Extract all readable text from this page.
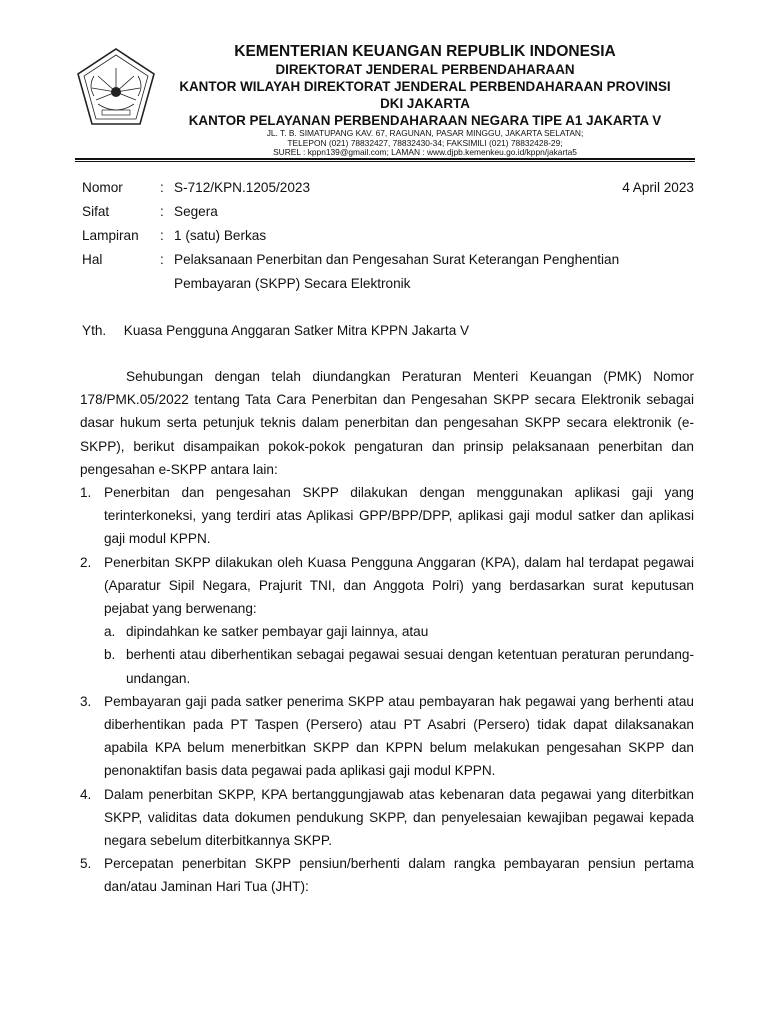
KEMENTERIAN KEUANGAN REPUBLIK INDONESIA
DIREKTORAT JENDERAL PERBENDAHARAAN
KANTOR WILAYAH DIREKTORAT JENDERAL PERBENDAHARAAN PROVINSI
DKI JAKARTA
KANTOR PELAYANAN PERBENDAHARAAN NEGARA TIPE A1 JAKARTA V
JL. T. B. SIMATUPANG KAV. 67, RAGUNAN, PASAR MINGGU, JAKARTA SELATAN;
TELEPON (021) 78832427, 78832430-34; FAKSIMILI (021) 78832428-29;
SUREL : kppn139@gmail.com; LAMAN : www.djpb.kemenkeu.go.id/kppn/jakarta5
Nomor	: S-712/KPN.1205/2023	4 April 2023
Sifat	: Segera
Lampiran : 1 (satu) Berkas
Hal	: Pelaksanaan Penerbitan dan Pengesahan Surat Keterangan Penghentian Pembayaran (SKPP) Secara Elektronik
Yth. Kuasa Pengguna Anggaran Satker Mitra KPPN Jakarta V

Sehubungan dengan telah diundangkan Peraturan Menteri Keuangan (PMK) Nomor 178/PMK.05/2022 tentang Tata Cara Penerbitan dan Pengesahan SKPP secara Elektronik sebagai dasar hukum serta petunjuk teknis dalam penerbitan dan pengesahan SKPP secara elektronik (e-SKPP), berikut disampaikan pokok-pokok pengaturan dan prinsip pelaksanaan penerbitan dan pengesahan e-SKPP antara lain:

1. Penerbitan dan pengesahan SKPP dilakukan dengan menggunakan aplikasi gaji yang terinterkoneksi, yang terdiri atas Aplikasi GPP/BPP/DPP, aplikasi gaji modul satker dan aplikasi gaji modul KPPN.
2. Penerbitan SKPP dilakukan oleh Kuasa Pengguna Anggaran (KPA), dalam hal terdapat pegawai (Aparatur Sipil Negara, Prajurit TNI, dan Anggota Polri) yang berdasarkan surat keputusan pejabat yang berwenang:
a. dipindahkan ke satker pembayar gaji lainnya, atau
b. berhenti atau diberhentikan sebagai pegawai sesuai dengan ketentuan peraturan perundang-undangan.
3. Pembayaran gaji pada satker penerima SKPP atau pembayaran hak pegawai yang berhenti atau diberhentikan pada PT Taspen (Persero) atau PT Asabri (Persero) tidak dapat dilaksanakan apabila KPA belum menerbitkan SKPP dan KPPN belum melakukan pengesahan SKPP dan penonaktifan basis data pegawai pada aplikasi gaji modul KPPN.
4. Dalam penerbitan SKPP, KPA bertanggungjawab atas kebenaran data pegawai yang diterbitkan SKPP, validitas data dokumen pendukung SKPP, dan penyelesaian kewajiban pegawai kepada negara sebelum diterbitkannya SKPP.
5. Percepatan penerbitan SKPP pensiun/berhenti dalam rangka pembayaran pensiun pertama dan/atau Jaminan Hari Tua (JHT):
